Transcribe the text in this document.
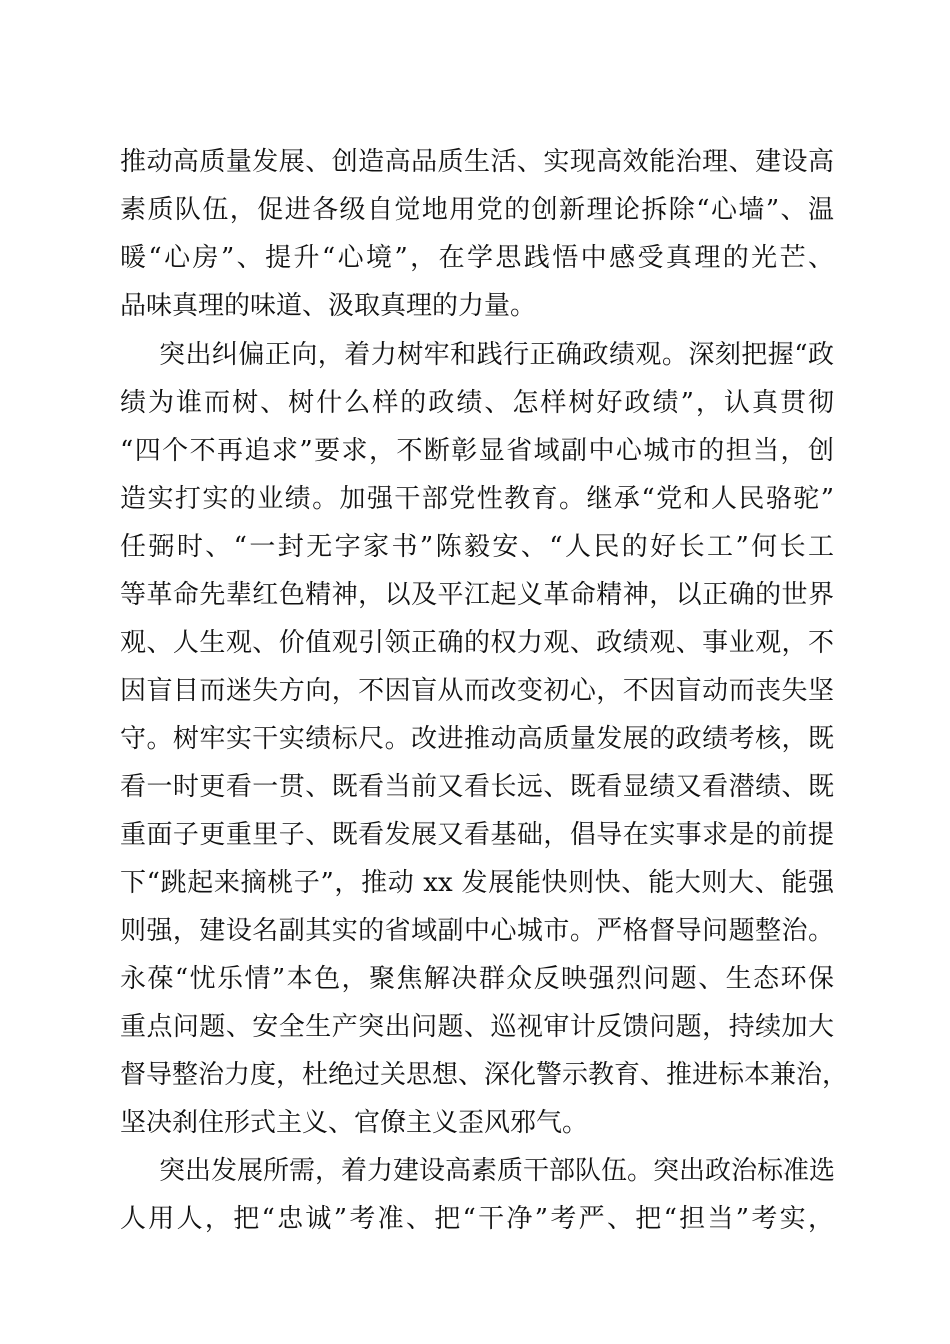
推动高质量发展、创造高品质生活、实现高效能治理、建设高
素质队伍，促进各级自觉地用党的创新理论拆除“心墙”、温
暖“心房”、提升“心境”，在学思践悟中感受真理的光芒、
品味真理的味道、汲取真理的力量。
突出纠偏正向，着力树牢和践行正确政绩观。深刻把握“政
绩为谁而树、树什么样的政绩、怎样树好政绩”，认真贯彻
“四个不再追求”要求，不断彰显省域副中心城市的担当，创
造实打实的业绩。加强干部党性教育。继承“党和人民骆驼”
任弼时、“一封无字家书”陈毅安、“人民的好长工”何长工
等革命先辈红色精神，以及平江起义革命精神，以正确的世界
观、人生观、价值观引领正确的权力观、政绩观、事业观，不
因盲目而迷失方向，不因盲从而改变初心，不因盲动而丧失坚
守。树牢实干实绩标尺。改进推动高质量发展的政绩考核，既
看一时更看一贯、既看当前又看长远、既看显绩又看潜绩、既
重面子更重里子、既看发展又看基础，倡导在实事求是的前提
下“跳起来摘桃子”，推动 xx 发展能快则快、能大则大、能强
则强，建设名副其实的省域副中心城市。严格督导问题整治。
永葆“忧乐情”本色，聚焦解决群众反映强烈问题、生态环保
重点问题、安全生产突出问题、巡视审计反馈问题，持续加大
督导整治力度，杜绝过关思想、深化警示教育、推进标本兼治，
坚决刹住形式主义、官僚主义歪风邪气。
突出发展所需，着力建设高素质干部队伍。突出政治标准选
人用人，把“忠诚”考准、把“干净”考严、把“担当”考实，
